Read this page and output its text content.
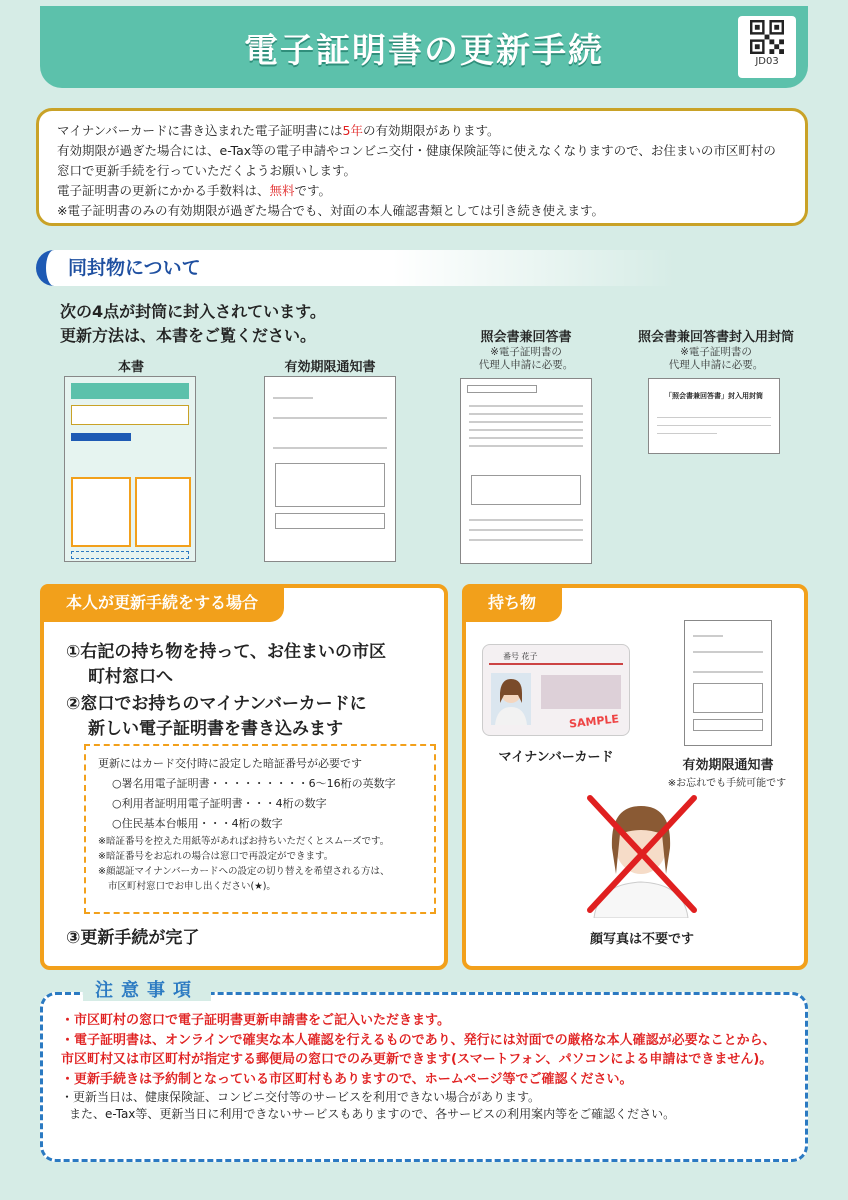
電子証明書の更新手続	JD03
マイナンバーカードに書き込まれた電子証明書には5年の有効期限があります。
有効期限が過ぎた場合には、e-Tax等の電子申請やコンビニ交付・健康保険証等に使えなくなりますので、お住まいの市区町村の窓口で更新手続を行っていただくようお願いします。
電子証明書の更新にかかる手数料は、無料です。
※電子証明書のみの有効期限が過ぎた場合でも、対面の本人確認書類としては引き続き使えます。
同封物について
次の4点が封筒に封入されています。
更新方法は、本書をご覧ください。
本書	有効期限通知書
照会書兼回答書
※電子証明書の
代理人申請に必要。
照会書兼回答書封入用封筒
※電子証明書の
代理人申請に必要。
「照会書兼回答書」封入用封筒
本人が更新手続をする場合
①右記の持ち物を持って、お住まいの市区
町村窓口へ
②窓口でお持ちのマイナンバーカードに
新しい電子証明書を書き込みます
更新にはカード交付時に設定した暗証番号が必要です
○署名用電子証明書・・・・・・・・・6〜16桁の英数字
○利用者証明用電子証明書・・・4桁の数字
○住民基本台帳用・・・4桁の数字
※暗証番号を控えた用紙等があればお持ちいただくとスムーズです。
※暗証番号をお忘れの場合は窓口で再設定ができます。
※顔認証マイナンバーカードへの設定の切り替えを希望される方は、
市区町村窓口でお申し出ください(★)。
③更新手続が完了
持ち物
番号 花子
SAMPLE
マイナンバーカード
有効期限通知書
※お忘れでも手続可能です
顔写真は不要です
注意事項

・市区町村の窓口で電子証明書更新申請書をご記入いただきます。

・電子証明書は、オンラインで確実な本人確認を行えるものであり、発行には対面での厳格な本人確認が必要なことから、市区町村又は市区町村が指定する郵便局の窓口でのみ更新できます(スマートフォン、パソコンによる申請はできません)。

・更新手続きは予約制となっている市区町村もありますので、ホームページ等でご確認ください。

・更新当日は、健康保険証、コンビニ交付等のサービスを利用できない場合があります。

また、e-Tax等、更新当日に利用できないサービスもありますので、各サービスの利用案内等をご確認ください。
